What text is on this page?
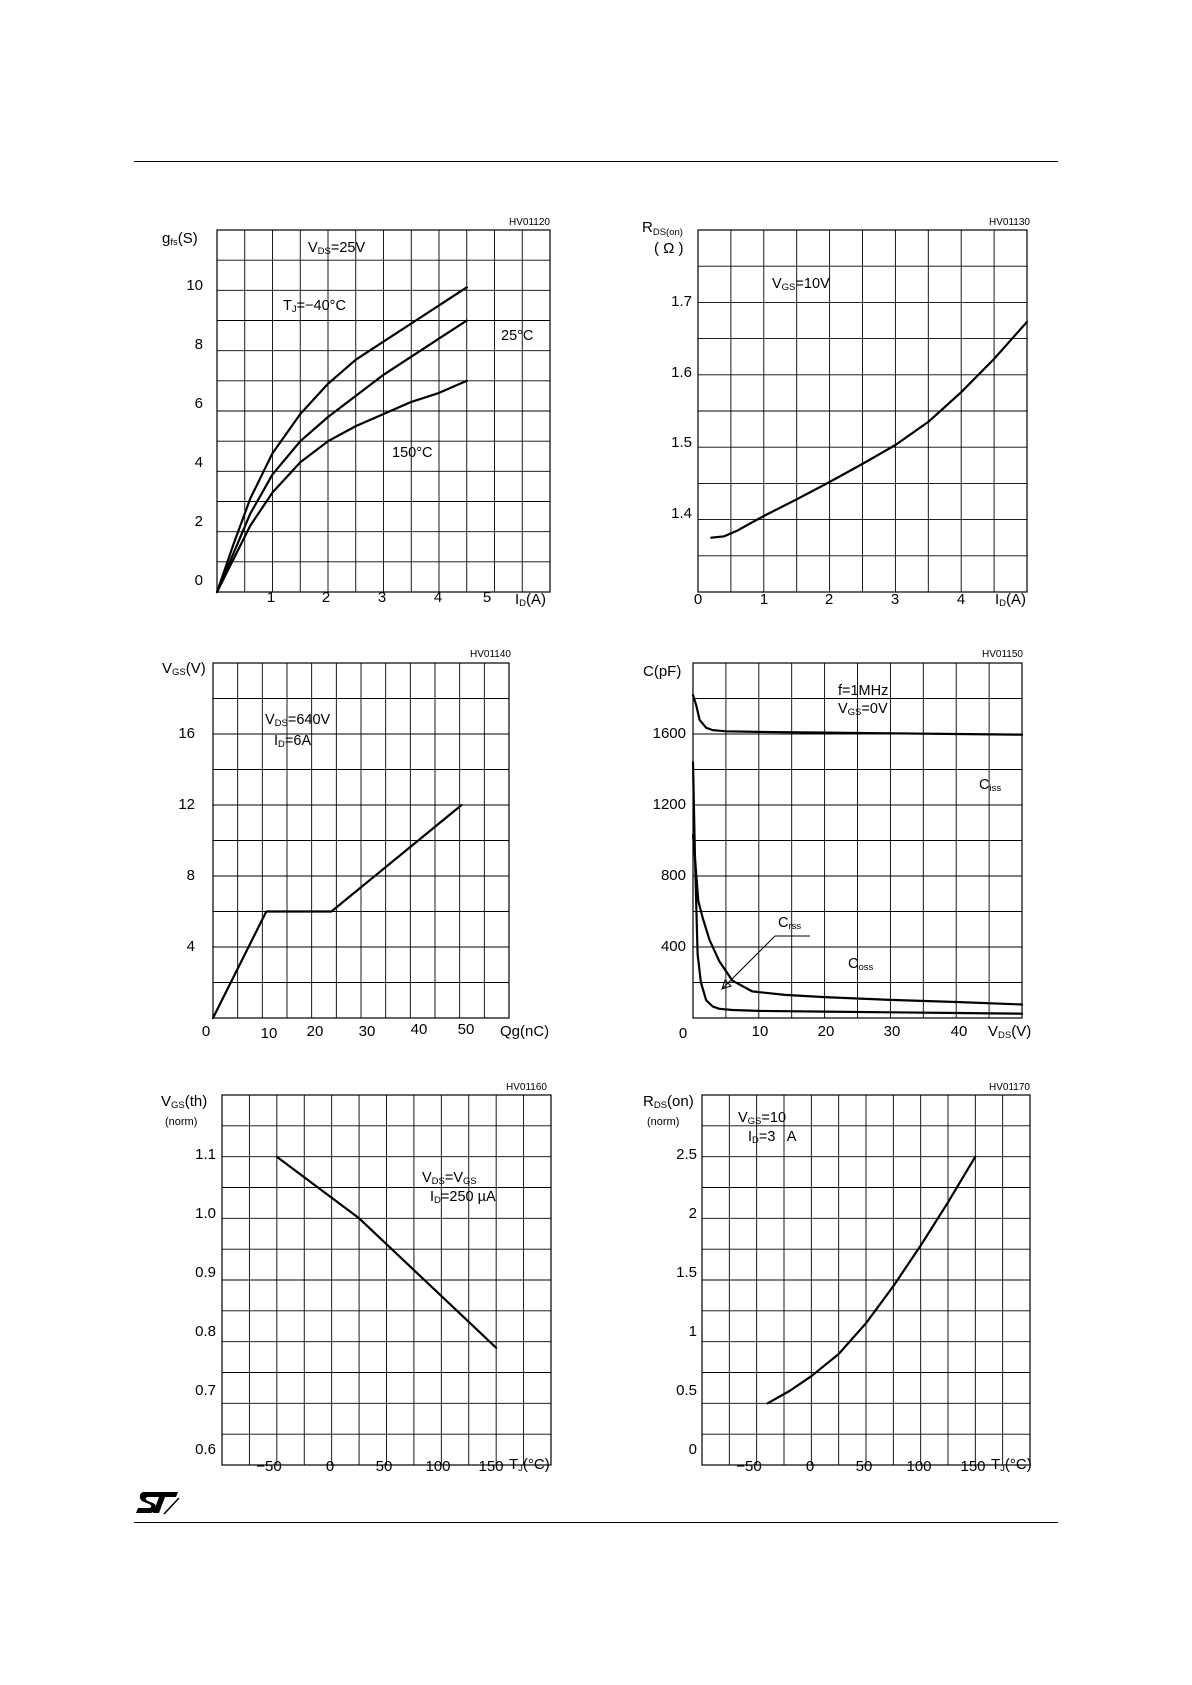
HV01120
gfs(S)
0
2
4
6
8
10
1	2	3	4	5 ID(A)
VDS=25V
TJ=−40°C
25°C
150°C
HV01130
$R_{DS(on)}$
( Ω )
1.4
1.5
1.6
1.7
0	1	2	3	4 ID(A)
VGS=10V
HV01140
VGS(V)
4
8
12
16
0	10 20 30 40 50 Qg(nC)
VDS=640V
ID=6A
HV01150
C(pF)
400
800
1200
1600
0	10	20	30	40 VDS(V)
f=1MHz
VGS=0V
Ciss
Crss
Coss
HV01160
VGS(th)
(norm)
0.6
0.7
0.8
0.9
1.0
1.1
−50	0	50 100 150 TJ(°C)
VDS=VGS
ID=250 µA
HV01170
RDS(on)
(norm)
0
0.5
1
1.5
2
2.5
−50	0	50 100 150 TJ(°C)
VGS=10
ID=3   A
